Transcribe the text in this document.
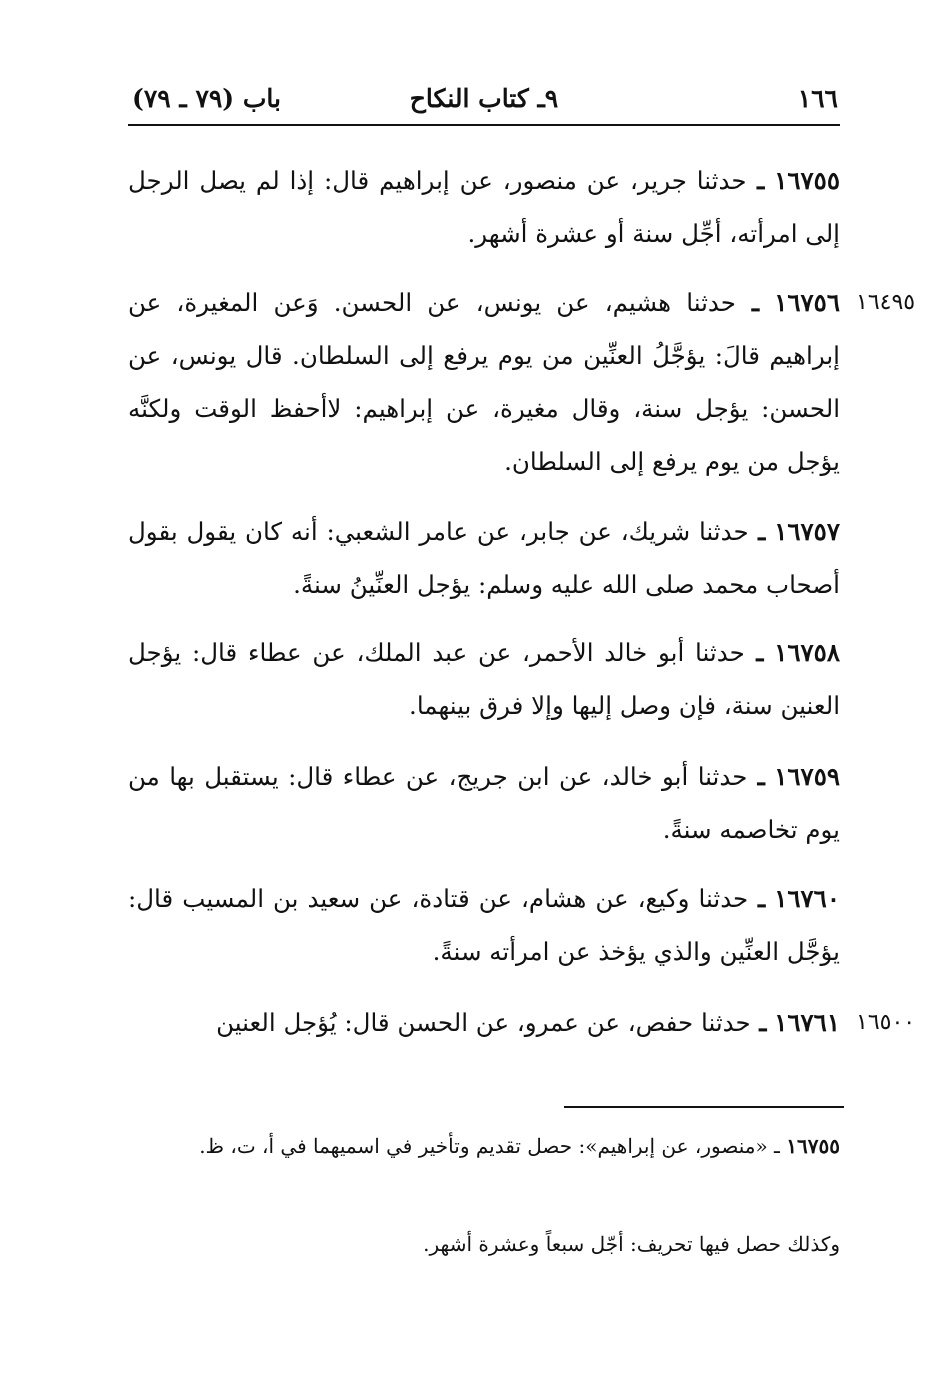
١٦٦
٩ـ كتاب النكاح
باب (٧٩ ـ ٧٩)
١٦٧٥٥ ـ حدثنا جرير، عن منصور، عن إبراهيم قال: إذا لم يصل الرجل إلى امرأته، أجِّل سنة أو عشرة أشهر.
١٦٤٩٥
١٦٧٥٦ ـ حدثنا هشيم، عن يونس، عن الحسن. وَعن المغيرة، عن إبراهيم قالَ: يؤجَّلُ العنِّين من يوم يرفع إلى السلطان. قال يونس، عن الحسن: يؤجل سنة، وقال مغيرة، عن إبراهيم: لاأحفظ الوقت ولكنَّه يؤجل من يوم يرفع إلى السلطان.
١٦٧٥٧ ـ حدثنا شريك، عن جابر، عن عامر الشعبي: أنه كان يقول بقول أصحاب محمد صلى الله عليه وسلم: يؤجل العنِّينُ سنةً.
١٦٧٥٨ ـ حدثنا أبو خالد الأحمر، عن عبد الملك، عن عطاء قال: يؤجل العنين سنة، فإن وصل إليها وإلا فرق بينهما.
١٦٧٥٩ ـ حدثنا أبو خالد، عن ابن جريج، عن عطاء قال: يستقبل بها من يوم تخاصمه سنةً.
١٦٧٦٠ ـ حدثنا وكيع، عن هشام، عن قتادة، عن سعيد بن المسيب قال: يؤجَّل العنِّين والذي يؤخذ عن امرأته سنةً.
١٦٥٠٠
١٦٧٦١ ـ حدثنا حفص، عن عمرو، عن الحسن قال: يُؤجل العنين
١٦٧٥٥ ـ «منصور، عن إبراهيم»: حصل تقديم وتأخير في اسميهما في أ، ت، ظ.
وكذلك حصل فيها تحريف: أجّل سبعاً وعشرة أشهر.
